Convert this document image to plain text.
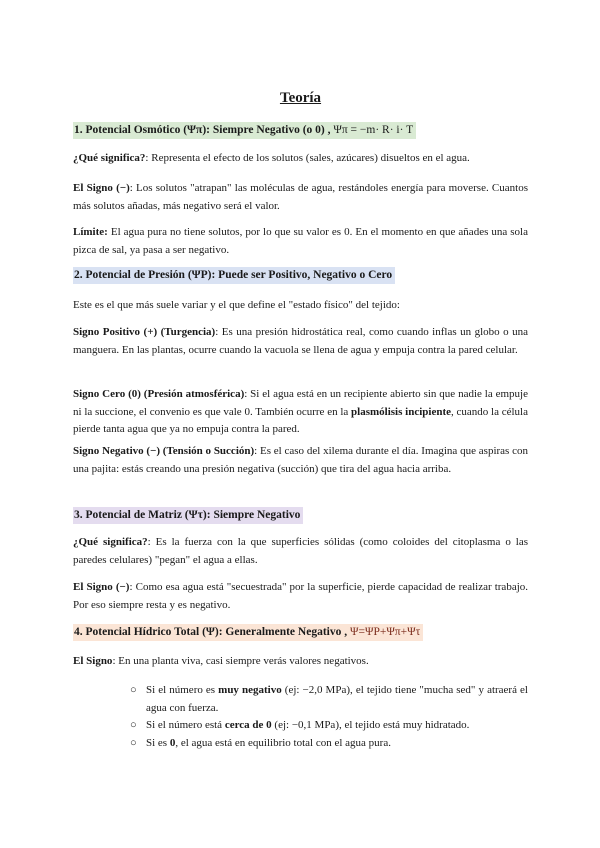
Teoría
1. Potencial Osmótico (Ψπ): Siempre Negativo (o 0) , Ψπ = −m· R· i· T
¿Qué significa?: Representa el efecto de los solutos (sales, azúcares) disueltos en el agua.
El Signo (−): Los solutos "atrapan" las moléculas de agua, restándoles energía para moverse. Cuantos más solutos añadas, más negativo será el valor.
Límite: El agua pura no tiene solutos, por lo que su valor es 0. En el momento en que añades una sola pizca de sal, ya pasa a ser negativo.
2. Potencial de Presión (ΨP): Puede ser Positivo, Negativo o Cero
Este es el que más suele variar y el que define el "estado físico" del tejido:
Signo Positivo (+) (Turgencia): Es una presión hidrostática real, como cuando inflas un globo o una manguera. En las plantas, ocurre cuando la vacuola se llena de agua y empuja contra la pared celular.
Signo Cero (0) (Presión atmosférica): Si el agua está en un recipiente abierto sin que nadie la empuje ni la succione, el convenio es que vale 0. También ocurre en la plasmólisis incipiente, cuando la célula pierde tanta agua que ya no empuja contra la pared.
Signo Negativo (−) (Tensión o Succión): Es el caso del xilema durante el día. Imagina que aspiras con una pajita: estás creando una presión negativa (succión) que tira del agua hacia arriba.
3. Potencial de Matriz (Ψτ): Siempre Negativo
¿Qué significa?: Es la fuerza con la que superficies sólidas (como coloides del citoplasma o las paredes celulares) "pegan" el agua a ellas.
El Signo (−): Como esa agua está "secuestrada" por la superficie, pierde capacidad de realizar trabajo. Por eso siempre resta y es negativo.
4. Potencial Hídrico Total (Ψ): Generalmente Negativo , Ψ=ΨP+Ψπ+Ψτ
El Signo: En una planta viva, casi siempre verás valores negativos.
○ Si el número es muy negativo (ej: −2,0 MPa), el tejido tiene "mucha sed" y atraerá el agua con fuerza.
○ Si el número está cerca de 0 (ej: −0,1 MPa), el tejido está muy hidratado.
○ Si es 0, el agua está en equilibrio total con el agua pura.
